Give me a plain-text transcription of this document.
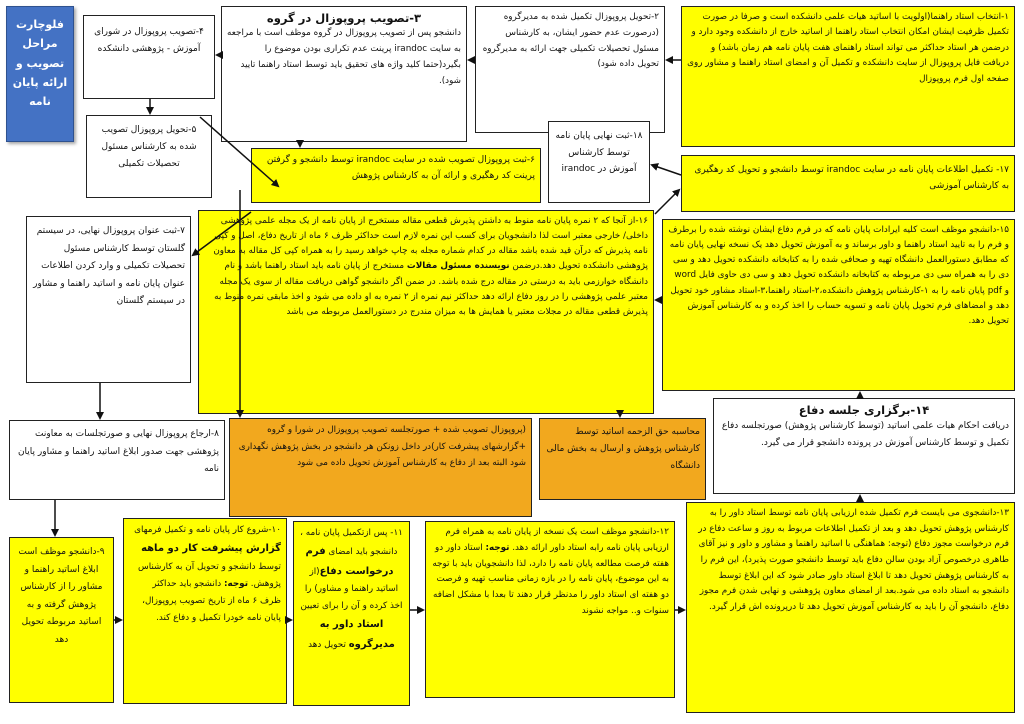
فلوچارت مراحل تصویب و ارائه پایان نامه
۱-انتخاب استاد راهنما(اولویت با اساتید هیات علمی دانشکده است و صرفا در صورت تکمیل ظرفیت ایشان امکان انتخاب استاد راهنما از اساتید خارج از دانشکده وجود دارد و درضمن هر استاد حداکثر می تواند استاد راهنمای هفت پایان نامه هم زمان باشد) و دریافت فایل پروپوزال از سایت دانشکده و تکمیل آن و امضای استاد راهنما و مشاور روی صفحه اول فرم پروپوزال
۲-تحویل پروپوزال تکمیل شده به مدیرگروه (درصورت عدم حضور ایشان، به کارشناس مسئول تحصیلات تکمیلی جهت ارائه به مدیرگروه تحویل داده شود)
۳-تصویب پروپوزال در گروه
دانشجو پس از تصویب پروپوزال در گروه موظف است با مراجعه به سایت irandoc پرینت عدم تکراری بودن موضوع را بگیرد(حتما کلید واژه های تحقیق باید توسط استاد راهنما تایید شود).
۴-تصویب پروپوزال در شورای آموزش - پژوهشی دانشکده
۵-تحویل پروپوزال تصویب شده به کارشناس مسئول تحصیلات تکمیلی	۶-ثبت پروپوزال تصویب شده در سایت irandoc توسط دانشجو و گرفتن پرینت کد رهگیری و ارائه آن به کارشناس پژوهش
۱۸-ثبت نهایی پایان نامه توسط کارشناس آموزش در irandoc	۱۷- تکمیل اطلاعات پایان نامه در سایت irandoc توسط دانشجو و تحویل کد رهگیری به کارشناس آموزشی
۷-ثبت عنوان پروپوزال نهایی، در سیستم گلستان توسط کارشناس مسئول تحصیلات تکمیلی و وارد کردن اطلاعات عنوان پایان نامه و اساتید راهنما و مشاور در سیستم گلستان
۱۶-از آنجا که ۲ نمره پایان نامه منوط به داشتن پذیرش قطعی مقاله مستخرج از پایان نامه از یک مجله علمی پژوهشی داخلی/ خارجی معتبر است لذا دانشجویان برای کسب این نمره لازم است حداکثر ظرف ۶ ماه از تاریخ دفاع، اصل و کپی نامه پذیرش که درآن قید شده باشد مقاله در کدام شماره مجله به چاپ خواهد رسید را به همراه کپی کل مقاله به معاون پژوهشی دانشکده تحویل دهد.درضمن نویسنده مسئول مقالات مستخرج از پایان نامه باید استاد راهنما باشد و نام دانشگاه خوارزمی باید به درستی در مقاله درج شده باشد. در ضمن اگر دانشجو گواهی دریافت مقاله از سوی یک مجله معتبر علمی پژوهشی را در روز دفاع ارائه دهد حداکثر نیم نمره از ۲ نمره به او داده می شود و اخذ مابقی نمره منوط به پذیرش قطعی مقاله در مجلات معتبر یا همایش ها به میزان مندرج در دستورالعمل مربوطه می باشد
۱۵-دانشجو موظف است کلیه ایرادات پایان نامه که در فرم دفاع ایشان نوشته شده را برطرف و فرم را به تایید استاد راهنما و داور برساند و به آموزش تحویل دهد یک نسخه نهایی پایان نامه که مطابق دستورالعمل دانشگاه تهیه و صحافی شده را به کتابخانه دانشکده تحویل دهد و سی دی را به همراه سی دی مربوطه به کتابخانه دانشکده تحویل دهد و سی دی حاوی فایل word و pdf پایان نامه را به ۱-کارشناس پژوهش دانشکده،۲-استاد راهنما،۳-استاد مشاور خود تحویل دهد و امضاهای فرم تحویل پایان نامه و تسویه حساب را اخذ کرده و به کارشناس آموزش تحویل دهد.
۱۴-برگزاری جلسه دفاع
دریافت احکام هیات علمی اساتید (توسط کارشناس پژوهش) صورتجلسه دفاع تکمیل و توسط کارشناس آموزش در پرونده دانشجو قرار می گیرد.
۸-ارجاع پروپوزال نهایی و صورتجلسات به معاونت پژوهشی جهت صدور ابلاغ اساتید راهنما و مشاور پایان نامه
(پروپوزال تصویب شده + صورتجلسه تصویب پروپوزال در شورا و گروه +گزارشهای پیشرفت کار)در داخل زونکن هر دانشجو در بخش پژوهش نگهداری شود البته بعد از دفاع به کارشناس آموزش تحویل داده می شود
محاسبه حق الزحمه اساتید توسط کارشناس پژوهش و ارسال به بخش مالی دانشگاه
۹-دانشجو موظف است ابلاغ اساتید راهنما و مشاور را از کارشناس پژوهش گرفته و به اساتید مربوطه تحویل دهد
۱۰-شروع کار پایان نامه و تکمیل فرمهای گزارش پیشرفت کار دو ماهه توسط دانشجو و تحویل آن به کارشناس پژوهش. توجه: دانشجو باید حداکثر ظرف ۶ ماه از تاریخ تصویب پروپوزال، پایان نامه خودرا تکمیل و دفاع کند.
۱۱- پس ازتکمیل پایان نامه ، دانشجو باید امضای فرم درخواست دفاع(از اساتید راهنما و مشاور) را اخذ کرده و آن را برای تعیین استاد داور به مدیرگروه تحویل دهد
۱۲-دانشجو موظف است یک نسخه از پایان نامه به همراه فرم ارزیابی پایان نامه رابه استاد داور ارائه دهد. توجه: استاد داور دو هفته فرصت مطالعه پایان نامه را دارد، لذا دانشجویان باید با توجه به این موضوع، پایان نامه را در بازه زمانی مناسب تهیه و فرصت دو هفته ای استاد داور را مدنظر قرار دهند تا بعدا با مشکل اضافه سنوات و.. مواجه نشوند
۱۳-دانشجوی می بایست فرم تکمیل شده ارزیابی پایان نامه توسط استاد داور را به کارشناس پژوهش تحویل دهد و بعد از تکمیل اطلاعات مربوط به روز و ساعت دفاع در فرم درخواست مجوز دفاع (توجه: هماهنگی با اساتید راهنما و مشاور و داور و نیز آقای طاهری درخصوص آزاد بودن سالن دفاع باید توسط دانشجو صورت پذیرد)، این فرم را به کارشناس پژوهش تحویل دهد تا ابلاغ استاد داور صادر شود که این ابلاغ توسط دانشجو به استاد داده می شود.بعد از امضای معاون پژوهشی و نهایی شدن فرم مجوز دفاع، دانشجو آن را باید به کارشناس آموزش تحویل دهد تا درپرونده اش قرار گیرد.
